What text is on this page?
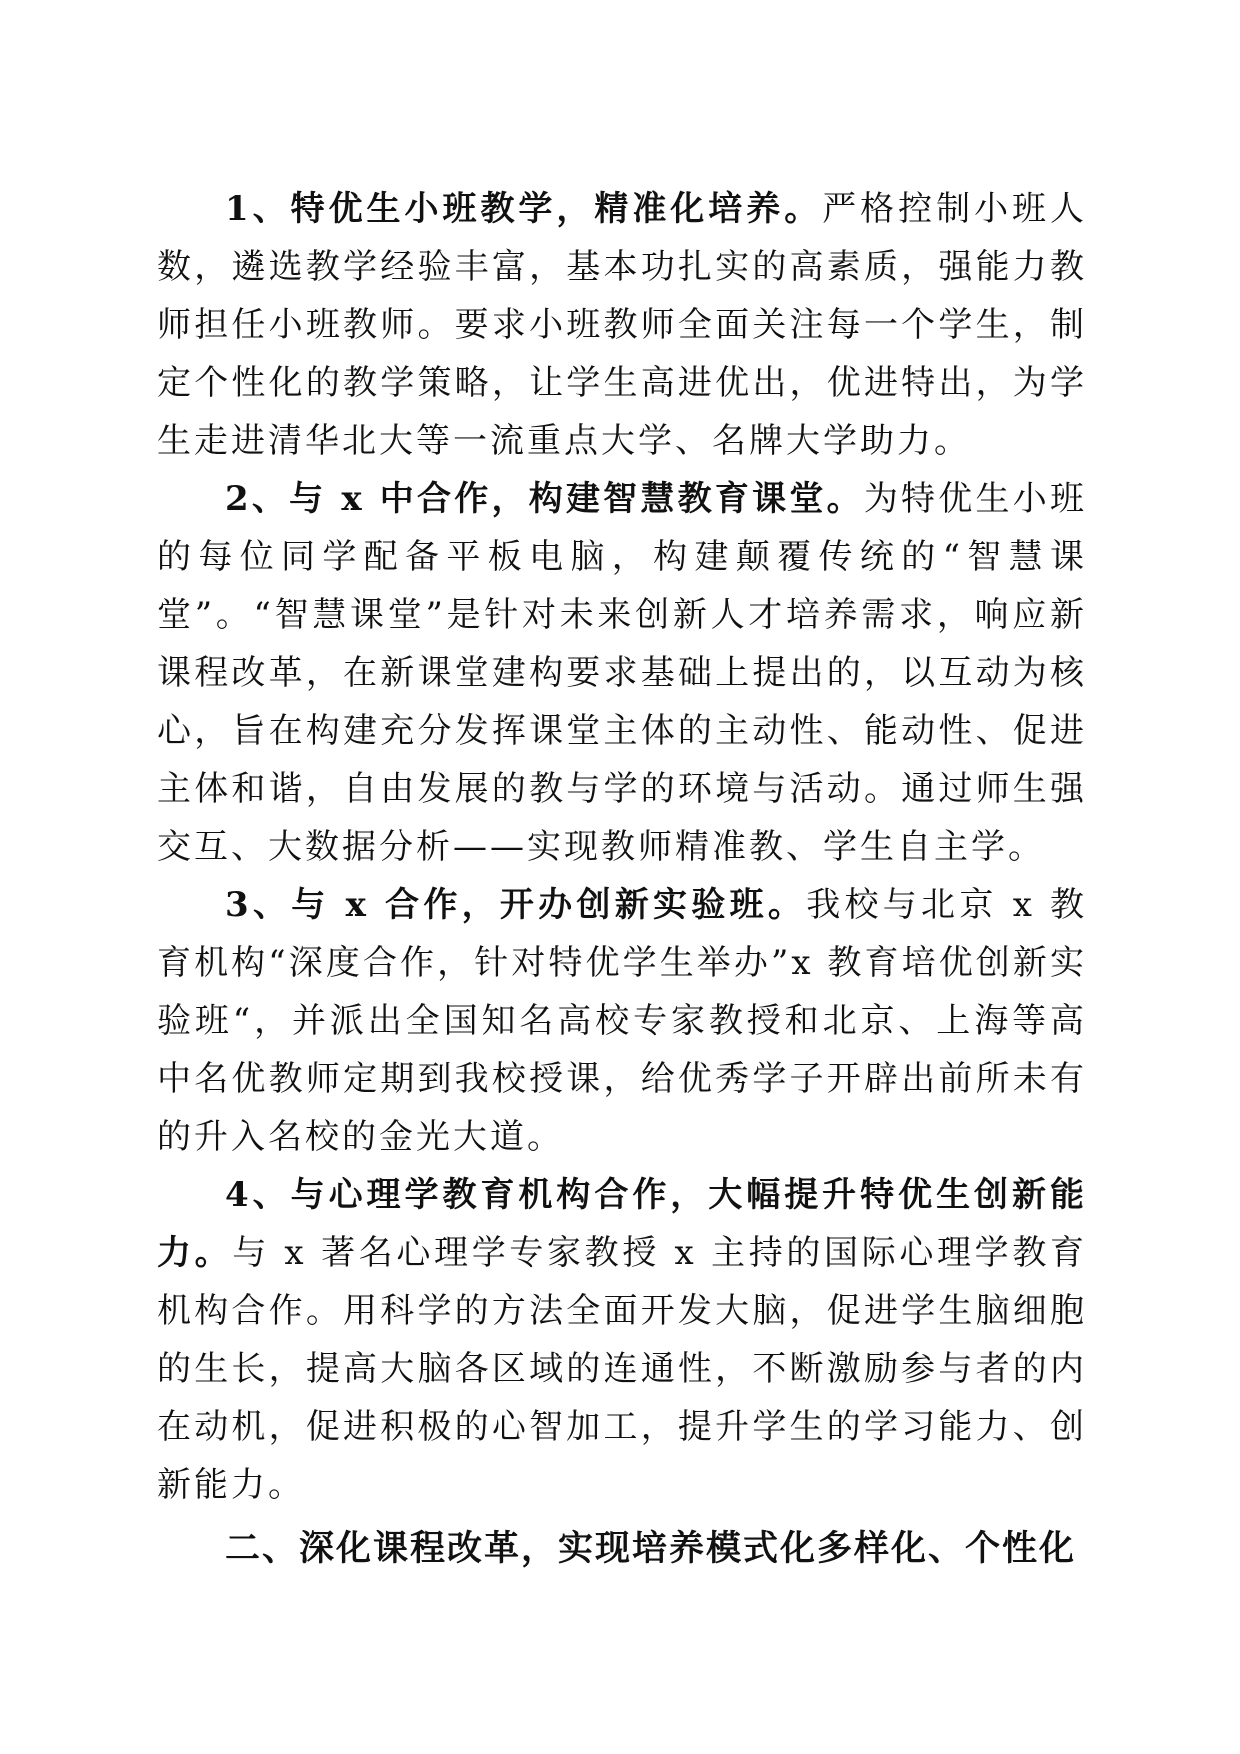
1、特优生小班教学，精准化培养。严格控制小班人数，遴选教学经验丰富，基本功扎实的高素质，强能力教师担任小班教师。要求小班教师全面关注每一个学生，制定个性化的教学策略，让学生高进优出，优进特出，为学生走进清华北大等一流重点大学、名牌大学助力。

2、与 x 中合作，构建智慧教育课堂。为特优生小班的每位同学配备平板电脑，构建颠覆传统的“智慧课堂”。“智慧课堂”是针对未来创新人才培养需求，响应新课程改革，在新课堂建构要求基础上提出的，以互动为核心，旨在构建充分发挥课堂主体的主动性、能动性、促进主体和谐，自由发展的教与学的环境与活动。通过师生强交互、大数据分析——实现教师精准教、学生自主学。

3、与 x 合作，开办创新实验班。我校与北京 x 教育机构“深度合作，针对特优学生举办”x 教育培优创新实验班“，并派出全国知名高校专家教授和北京、上海等高中名优教师定期到我校授课，给优秀学子开辟出前所未有的升入名校的金光大道。

4、与心理学教育机构合作，大幅提升特优生创新能力。与 x 著名心理学专家教授 x 主持的国际心理学教育机构合作。用科学的方法全面开发大脑，促进学生脑细胞的生长，提高大脑各区域的连通性，不断激励参与者的内在动机，促进积极的心智加工，提升学生的学习能力、创新能力。

二、深化课程改革，实现培养模式化多样化、个性化
